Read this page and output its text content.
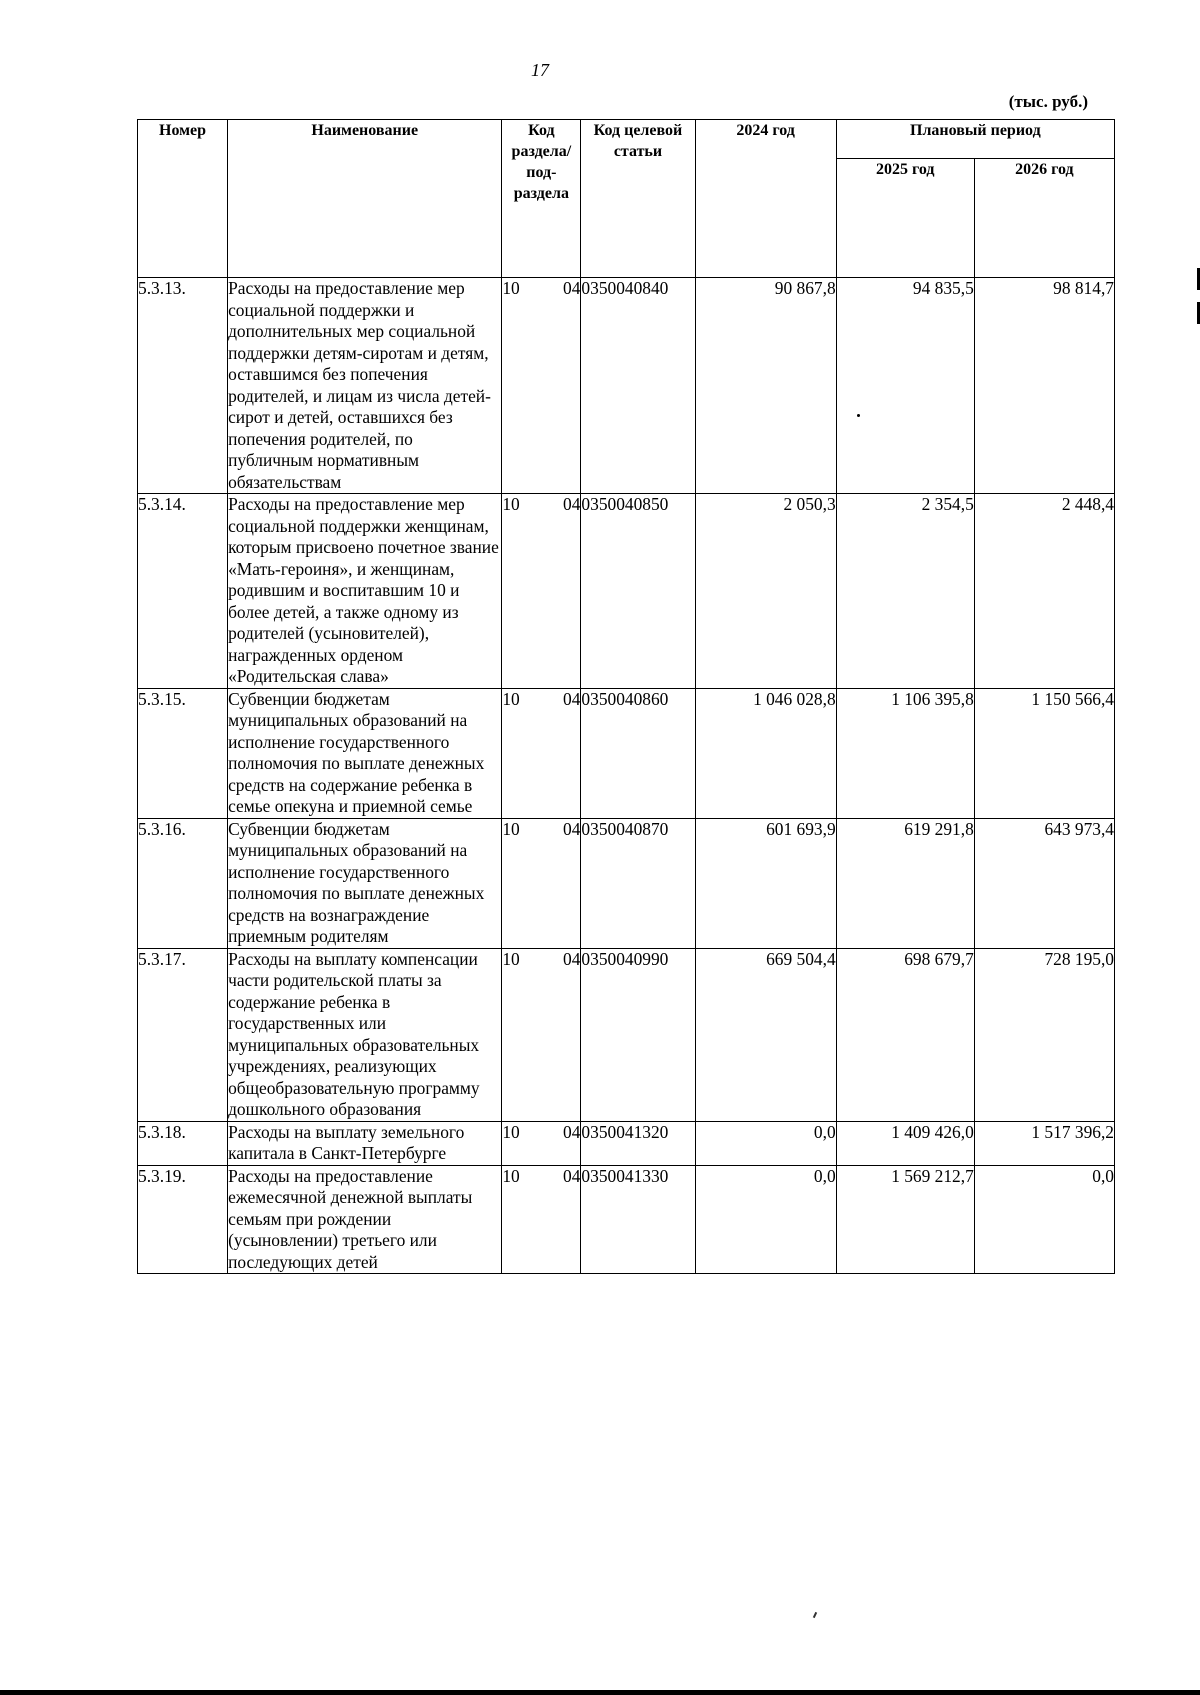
17
(тыс. руб.)
Номер	Наименование	Код раздела/ под-раздела	Код целевой статьи	2024 год	Плановый период	
					2025 год	2026 год
5.3.13.	Расходы на предоставление мер социальной поддержки и дополнительных мер социальной поддержки детям-сиротам и детям, оставшимся без попечения родителей, и лицам из числа детей-сирот и детей, оставшихся без попечения родителей, по публичным нормативным обязательствам	10 04	0350040840	90 867,8	94 835,5	98 814,7
5.3.14.	Расходы на предоставление мер социальной поддержки женщинам, которым присвоено почетное звание «Мать-героиня», и женщинам, родившим и воспитавшим 10 и более детей, а также одному из родителей (усыновителей), награжденных орденом «Родительская слава»	10 04	0350040850	2 050,3	2 354,5	2 448,4
5.3.15.	Субвенции бюджетам муниципальных образований на исполнение государственного полномочия по выплате денежных средств на содержание ребенка в семье опекуна и приемной семье	10 04	0350040860	1 046 028,8	1 106 395,8	1 150 566,4
5.3.16.	Субвенции бюджетам муниципальных образований на исполнение государственного полномочия по выплате денежных средств на вознаграждение приемным родителям	10 04	0350040870	601 693,9	619 291,8	643 973,4
5.3.17.	Расходы на выплату компенсации части родительской платы за содержание ребенка в государственных или муниципальных образовательных учреждениях, реализующих общеобразовательную программу дошкольного образования	10 04	0350040990	669 504,4	698 679,7	728 195,0
5.3.18.	Расходы на выплату земельного капитала в Санкт-Петербурге	10 04	0350041320	0,0	1 409 426,0	1 517 396,2
5.3.19.	Расходы на предоставление ежемесячной денежной выплаты семьям при рождении (усыновлении) третьего или последующих детей	10 04	0350041330	0,0	1 569 212,7	0,0
